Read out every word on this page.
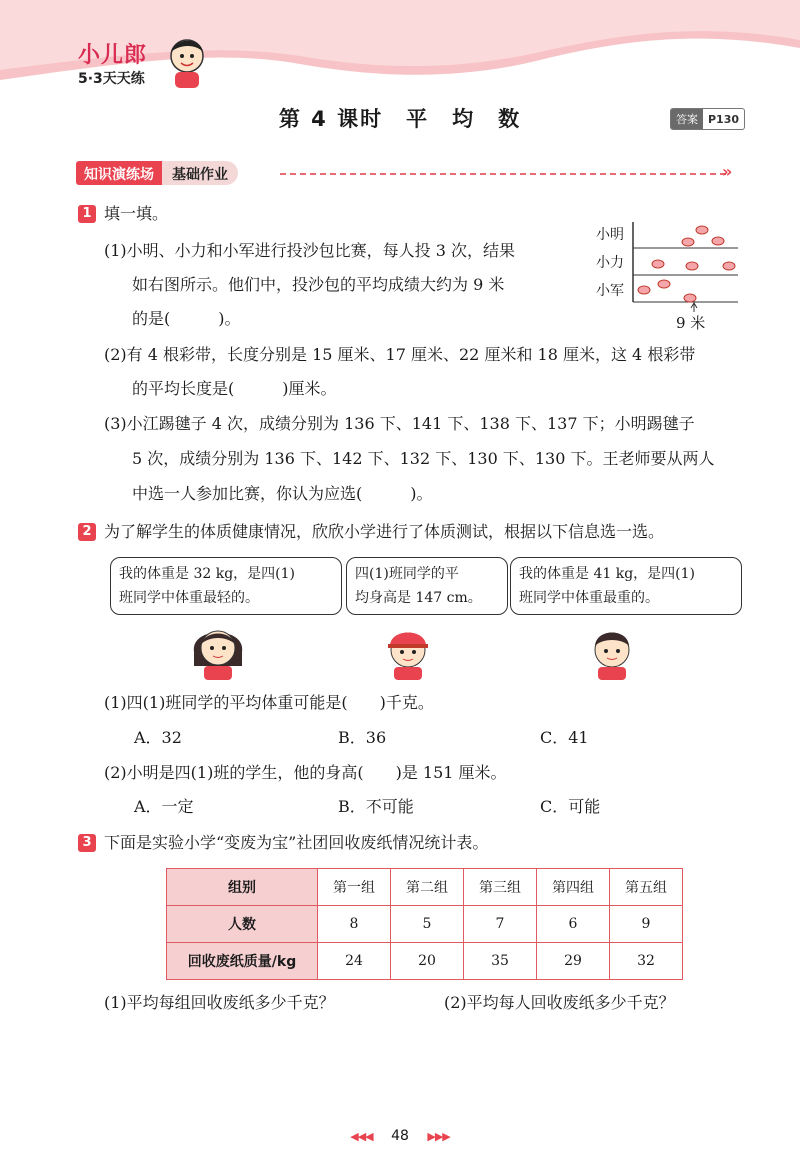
小儿郎
5·3天天练
第 4 课时　平　均　数	答案 P130
知识演练场	基础作业	»
1 填一填。
(1)小明、小力和小军进行投沙包比赛，每人投 3 次，结果
如右图所示。他们中，投沙包的平均成绩大约为 9 米
的是(　　　)。
小明
小力
小军
9 米
(2)有 4 根彩带，长度分别是 15 厘米、17 厘米、22 厘米和 18 厘米，这 4 根彩带
的平均长度是(　　　)厘米。
(3)小江踢毽子 4 次，成绩分别为 136 下、141 下、138 下、137 下；小明踢毽子
5 次，成绩分别为 136 下、142 下、132 下、130 下、130 下。王老师要从两人
中选一人参加比赛，你认为应选(　　　)。
2 为了解学生的体质健康情况，欣欣小学进行了体质测试，根据以下信息选一选。
我的体重是 32 kg，是四(1)
班同学中体重最轻的。
四(1)班同学的平
均身高是 147 cm。
我的体重是 41 kg，是四(1)
班同学中体重最重的。
(1)四(1)班同学的平均体重可能是(　　)千克。
A．32	B．36	C．41
(2)小明是四(1)班的学生，他的身高(　　)是 151 厘米。
A．一定	B．不可能	C．可能
3 下面是实验小学“变废为宝”社团回收废纸情况统计表。
组别	第一组	第二组	第三组	第四组	第五组
人数	8	5	7	6	9
回收废纸质量/kg	24	20	35	29	32
(1)平均每组回收废纸多少千克？	(2)平均每人回收废纸多少千克？
◀◀◀ 48 ▶▶▶
